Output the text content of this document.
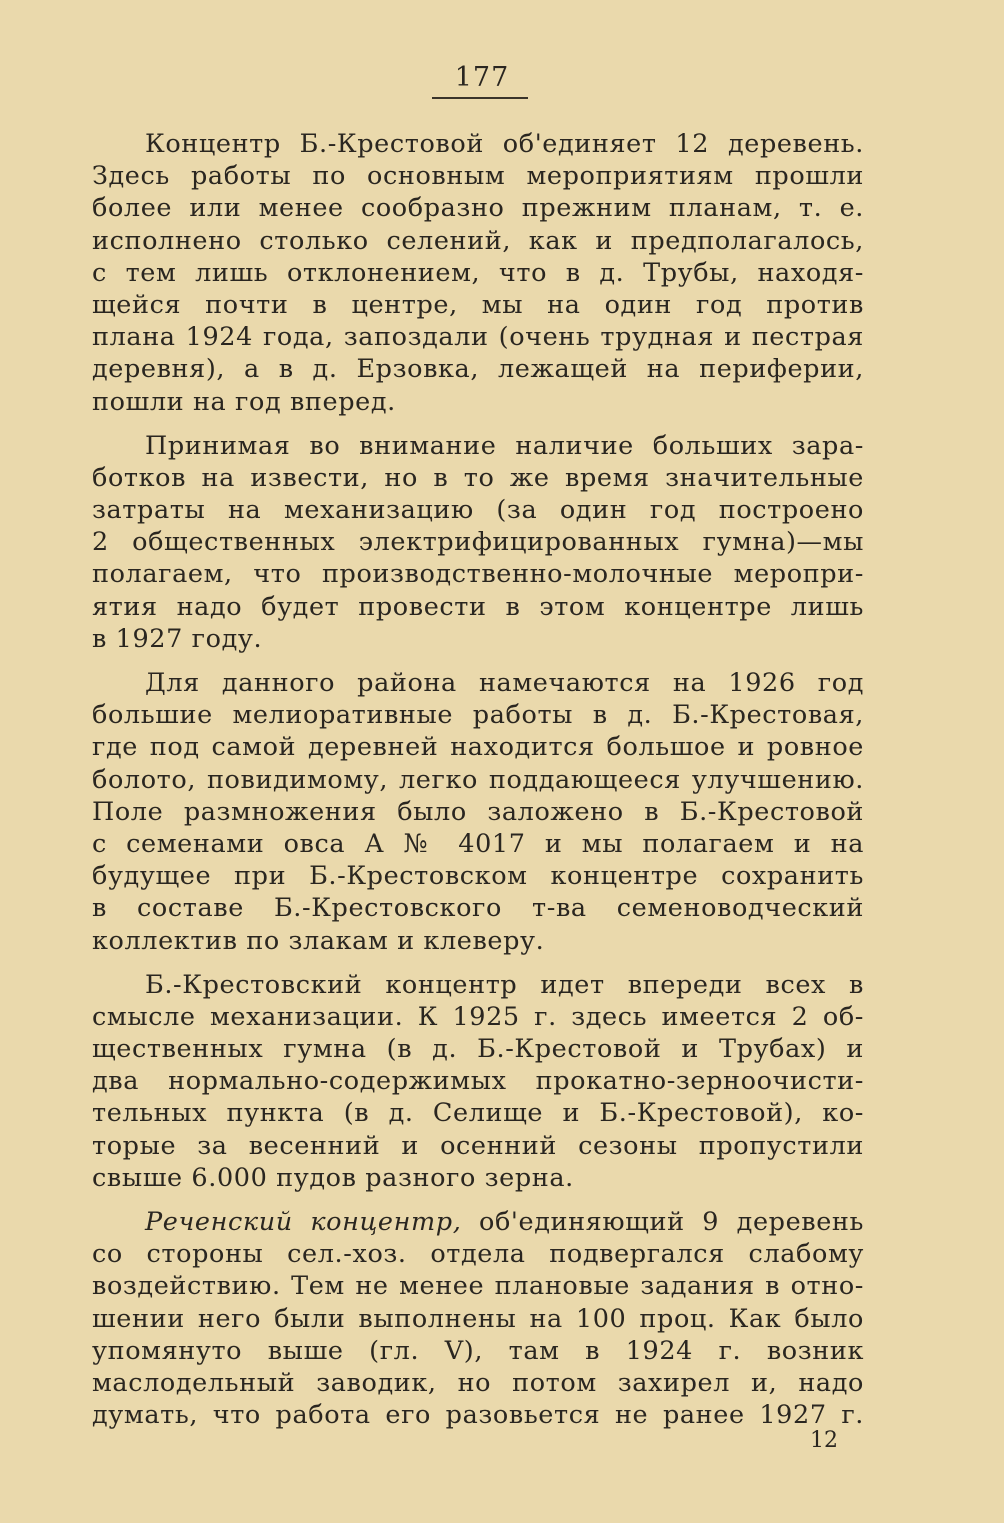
177
Концентр Б.-Крестовой об'единяет 12 деревень.
Здесь работы по основным мероприятиям прошли
более или менее сообразно прежним планам, т. е.
исполнено столько селений, как и предполагалось,
с тем лишь отклонением, что в д. Трубы, находя-
щейся почти в центре, мы на один год против
плана 1924 года, запоздали (очень трудная и пестрая
деревня), а в д. Ерзовка, лежащей на периферии,
пошли на год вперед.
Принимая во внимание наличие больших зара-
ботков на извести, но в то же время значительные
затраты на механизацию (за один год построено
2 общественных электрифицированных гумна)—мы
полагаем, что производственно-молочные меропри-
ятия надо будет провести в этом концентре лишь
в 1927 году.
Для данного района намечаются на 1926 год
большие мелиоративные работы в д. Б.-Крестовая,
где под самой деревней находится большое и ровное
болото, повидимому, легко поддающееся улучшению.
Поле размножения было заложено в Б.-Крестовой
с семенами овса А № 4017 и мы полагаем и на
будущее при Б.-Крестовском концентре сохранить
в составе Б.-Крестовского т-ва семеноводческий
коллектив по злакам и клеверу.
Б.-Крестовский концентр идет впереди всех в
смысле механизации. К 1925 г. здесь имеется 2 об-
щественных гумна (в д. Б.-Крестовой и Трубах) и
два нормально-содержимых прокатно-зерноочисти-
тельных пункта (в д. Селище и Б.-Крестовой), ко-
торые за весенний и осенний сезоны пропустили
свыше 6.000 пудов разного зерна.
Реченский концентр, об'единяющий 9 деревень
со стороны сел.-хоз. отдела подвергался слабому
воздействию. Тем не менее плановые задания в отно-
шении него были выполнены на 100 проц. Как было
упомянуто выше (гл. V), там в 1924 г. возник
маслодельный заводик, но потом захирел и, надо
думать, что работа его разовьется не ранее 1927 г.
12
